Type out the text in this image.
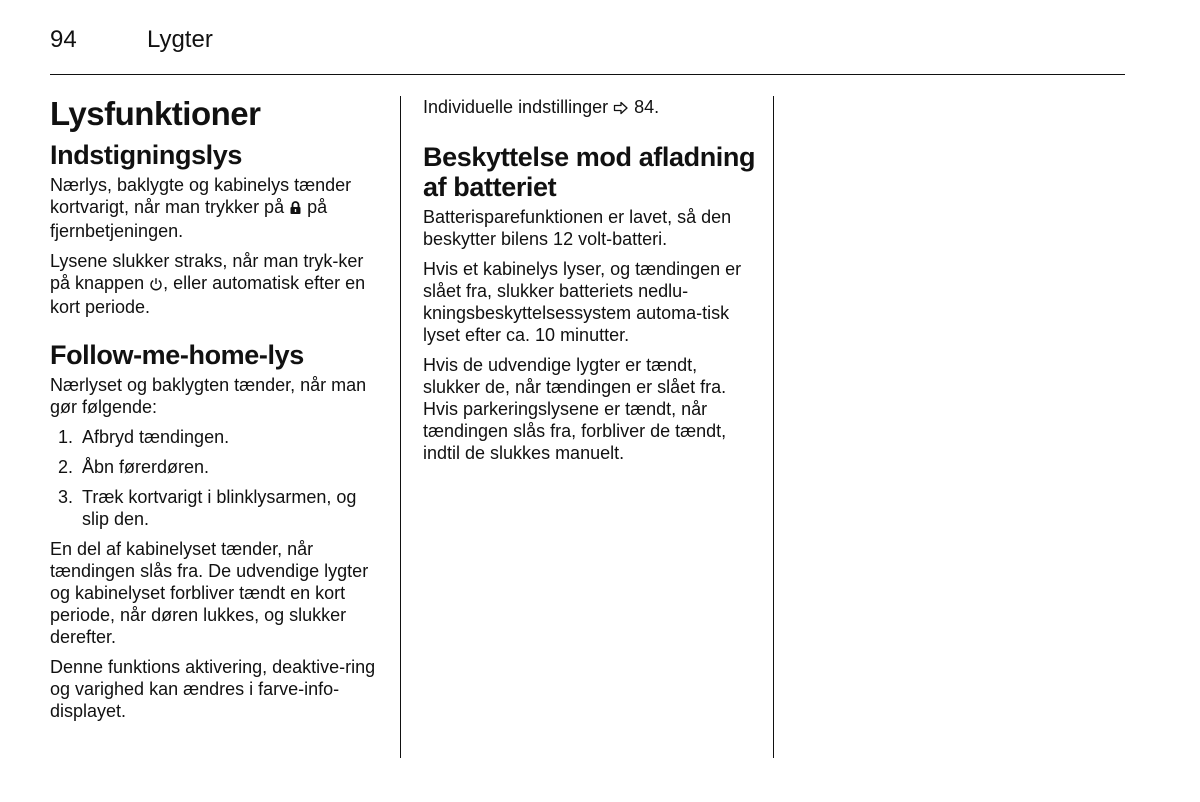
94	Lygter
Lysfunktioner
Indstigningslys

Nærlys, baklygte og kabinelys tænder kortvarigt, når man trykker på  på fjernbetjeningen.

Lysene slukker straks, når man tryk-ker på knappen , eller automatisk efter en kort periode.

Follow-me-home-lys

Nærlyset og baklygten tænder, når man gør følgende:

1. Afbryd tændingen.
2. Åbn førerdøren.
3. Træk kortvarigt i blinklysarmen, og slip den.

En del af kabinelyset tænder, når tændingen slås fra. De udvendige lygter og kabinelyset forbliver tændt en kort periode, når døren lukkes, og slukker derefter.

Denne funktions aktivering, deaktive-ring og varighed kan ændres i farve-info-displayet.

Individuelle indstillinger  84.

Beskyttelse mod afladning af batteriet

Batterisparefunktionen er lavet, så den beskytter bilens 12 volt-batteri.

Hvis et kabinelys lyser, og tændingen er slået fra, slukker batteriets nedlu-kningsbeskyttelsessystem automa-tisk lyset efter ca. 10 minutter.

Hvis de udvendige lygter er tændt, slukker de, når tændingen er slået fra. Hvis parkeringslysene er tændt, når tændingen slås fra, forbliver de tændt, indtil de slukkes manuelt.
